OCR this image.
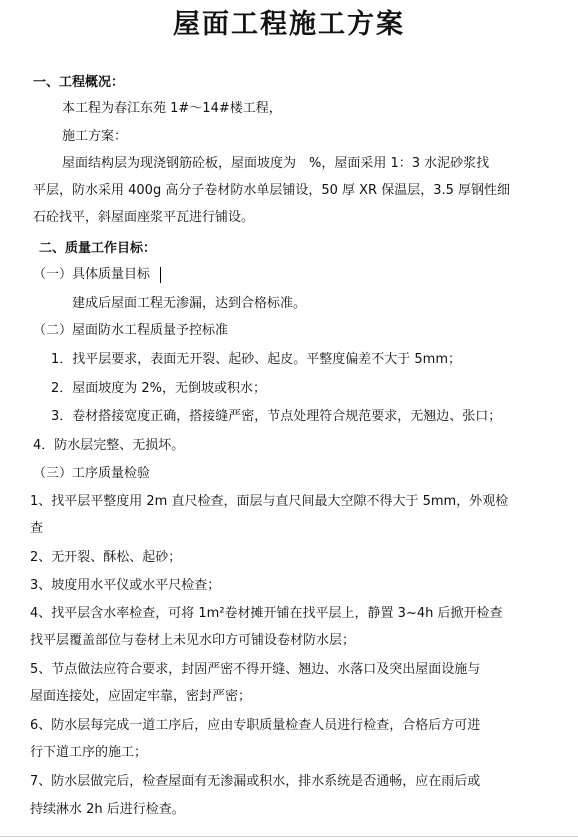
屋面工程施工方案
一、工程概况：
本工程为春江东苑 1#～14#楼工程，
施工方案：
屋面结构层为现浇钢筋砼板，屋面坡度为　%，屋面采用 1：3 水泥砂浆找
平层，防水采用 400g 高分子卷材防水单层铺设，50 厚 XR 保温层，3.5 厚钢性细
石砼找平，斜屋面座浆平瓦进行铺设。
二、质量工作目标：
（一）具体质量目标
建成后屋面工程无渗漏，达到合格标准。
（二）屋面防水工程质量予控标准
1．找平层要求，表面无开裂、起砂、起皮。平整度偏差不大于 5mm；
2．屋面坡度为 2%，无倒坡或积水；
3．卷材搭接宽度正确，搭接缝严密，节点处理符合规范要求，无翘边、张口；
4．防水层完整、无损坏。
（三）工序质量检验
1、找平层平整度用 2m 直尺检查，面层与直尺间最大空隙不得大于 5mm，外观检
查
2、无开裂、酥松、起砂；
3、坡度用水平仪或水平尺检查；
4、找平层含水率检查，可将 1m²卷材摊开铺在找平层上，静置 3~4h 后掀开检查
找平层覆盖部位与卷材上未见水印方可铺设卷材防水层；
5、节点做法应符合要求，封固严密不得开缝、翘边、水落口及突出屋面设施与
屋面连接处，应固定牢靠，密封严密；
6、防水层每完成一道工序后，应由专职质量检查人员进行检查，合格后方可进
行下道工序的施工；
7、防水层做完后，检查屋面有无渗漏或积水，排水系统是否通畅，应在雨后或
持续淋水 2h 后进行检查。
